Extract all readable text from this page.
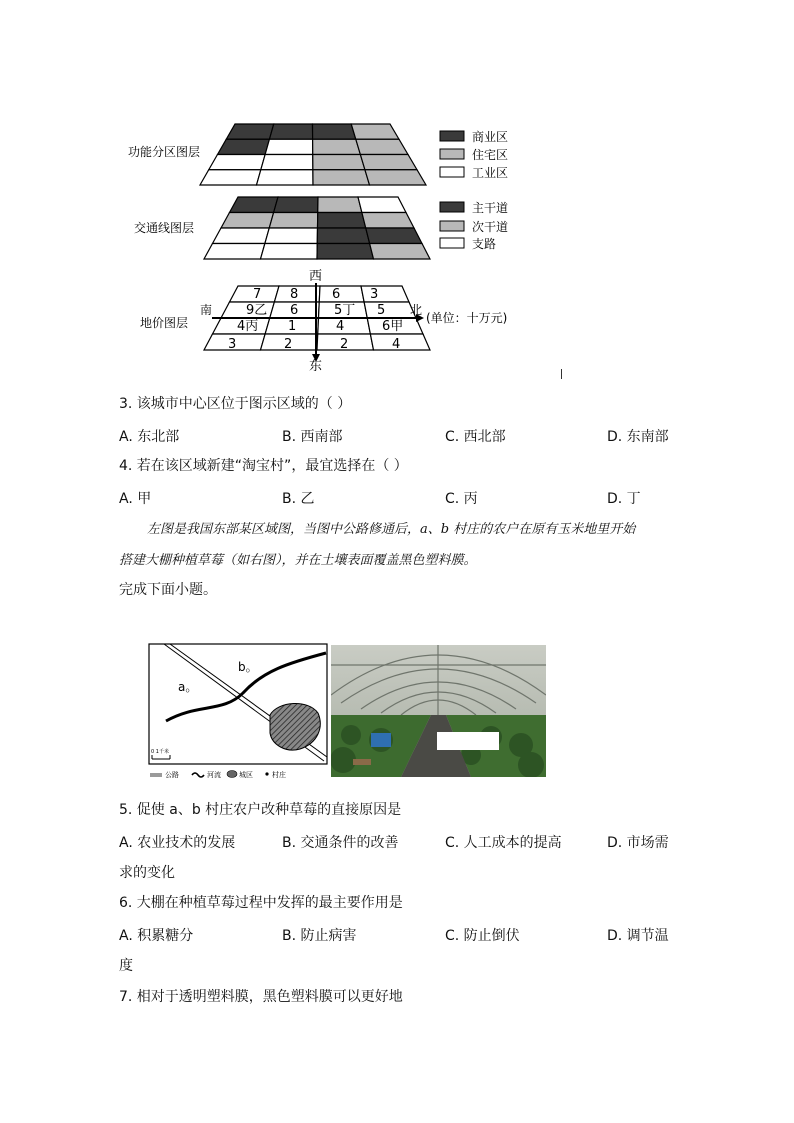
功能分区图层
交通线图层
地价图层
商业区
住宅区
工业区
主干道
次干道
支路
西
东
南	北
(单位：十万元)
7 8	6 3
9乙 6	5丁 5
4丙 1	4	6甲
3	2	2	4
3. 该城市中心区位于图示区域的（ ）
A. 东北部	B. 西南部	C. 西北部	D. 东南部
4. 若在该区域新建“淘宝村”，最宜选择在（ ）
A. 甲	B. 乙	C. 丙	D. 丁
左图是我国东部某区域图，当图中公路修通后，a、b 村庄的农户在原有玉米地里开始
搭建大棚种植草莓（如右图），并在土壤表面覆盖黑色塑料膜。
完成下面小题。
a。
b。
0 1千米
公路	河流	城区	村庄
5. 促使 a、b 村庄农户改种草莓的直接原因是
A. 农业技术的发展	B. 交通条件的改善	C. 人工成本的提高	D. 市场需
求的变化
6. 大棚在种植草莓过程中发挥的最主要作用是
A. 积累糖分	B. 防止病害	C. 防止倒伏	D. 调节温
度
7. 相对于透明塑料膜，黑色塑料膜可以更好地
